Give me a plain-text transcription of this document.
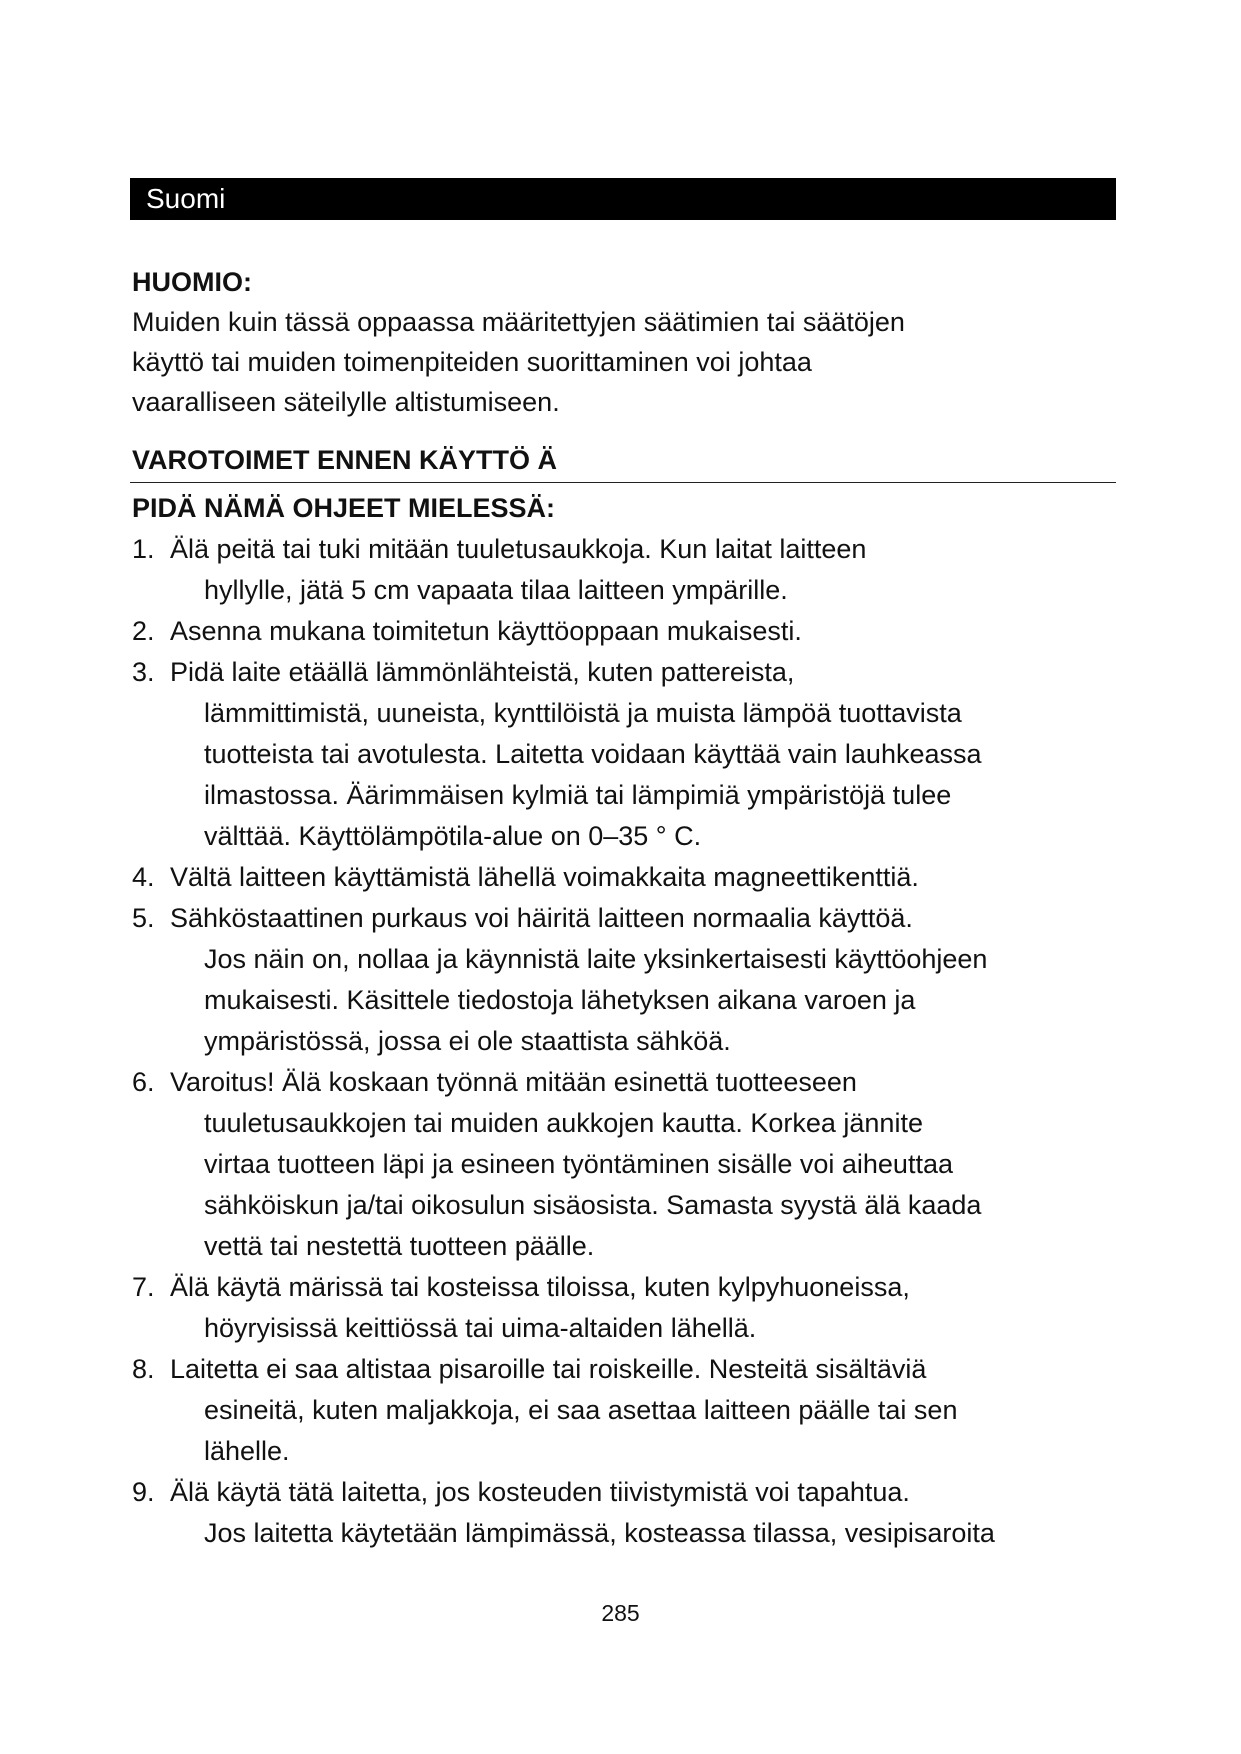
Suomi
HUOMIO:
Muiden kuin tässä oppaassa määritettyjen säätimien tai säätöjen
käyttö tai muiden toimenpiteiden suorittaminen voi johtaa
vaaralliseen säteilylle altistumiseen.
VAROTOIMET ENNEN KÄYTTÖ Ä
PIDÄ NÄMÄ OHJEET MIELESSÄ:
1. Älä peitä tai tuki mitään tuuletusaukkoja. Kun laitat laitteen
hyllylle, jätä 5 cm vapaata tilaa laitteen ympärille.
2. Asenna mukana toimitetun käyttöoppaan mukaisesti.
3. Pidä laite etäällä lämmönlähteistä, kuten pattereista,
lämmittimistä, uuneista, kynttilöistä ja muista lämpöä tuottavista
tuotteista tai avotulesta. Laitetta voidaan käyttää vain lauhkeassa
ilmastossa. Äärimmäisen kylmiä tai lämpimiä ympäristöjä tulee
välttää. Käyttölämpötila-alue on 0–35 ° C.
4. Vältä laitteen käyttämistä lähellä voimakkaita magneettikenttiä.
5. Sähköstaattinen purkaus voi häiritä laitteen normaalia käyttöä.
Jos näin on, nollaa ja käynnistä laite yksinkertaisesti käyttöohjeen
mukaisesti. Käsittele tiedostoja lähetyksen aikana varoen ja
ympäristössä, jossa ei ole staattista sähköä.
6. Varoitus! Älä koskaan työnnä mitään esinettä tuotteeseen
tuuletusaukkojen tai muiden aukkojen kautta. Korkea jännite
virtaa tuotteen läpi ja esineen työntäminen sisälle voi aiheuttaa
sähköiskun ja/tai oikosulun sisäosista. Samasta syystä älä kaada
vettä tai nestettä tuotteen päälle.
7. Älä käytä märissä tai kosteissa tiloissa, kuten kylpyhuoneissa,
höyryisissä keittiössä tai uima-altaiden lähellä.
8. Laitetta ei saa altistaa pisaroille tai roiskeille. Nesteitä sisältäviä
esineitä, kuten maljakkoja, ei saa asettaa laitteen päälle tai sen
lähelle.
9. Älä käytä tätä laitetta, jos kosteuden tiivistymistä voi tapahtua.
Jos laitetta käytetään lämpimässä, kosteassa tilassa, vesipisaroita
285
